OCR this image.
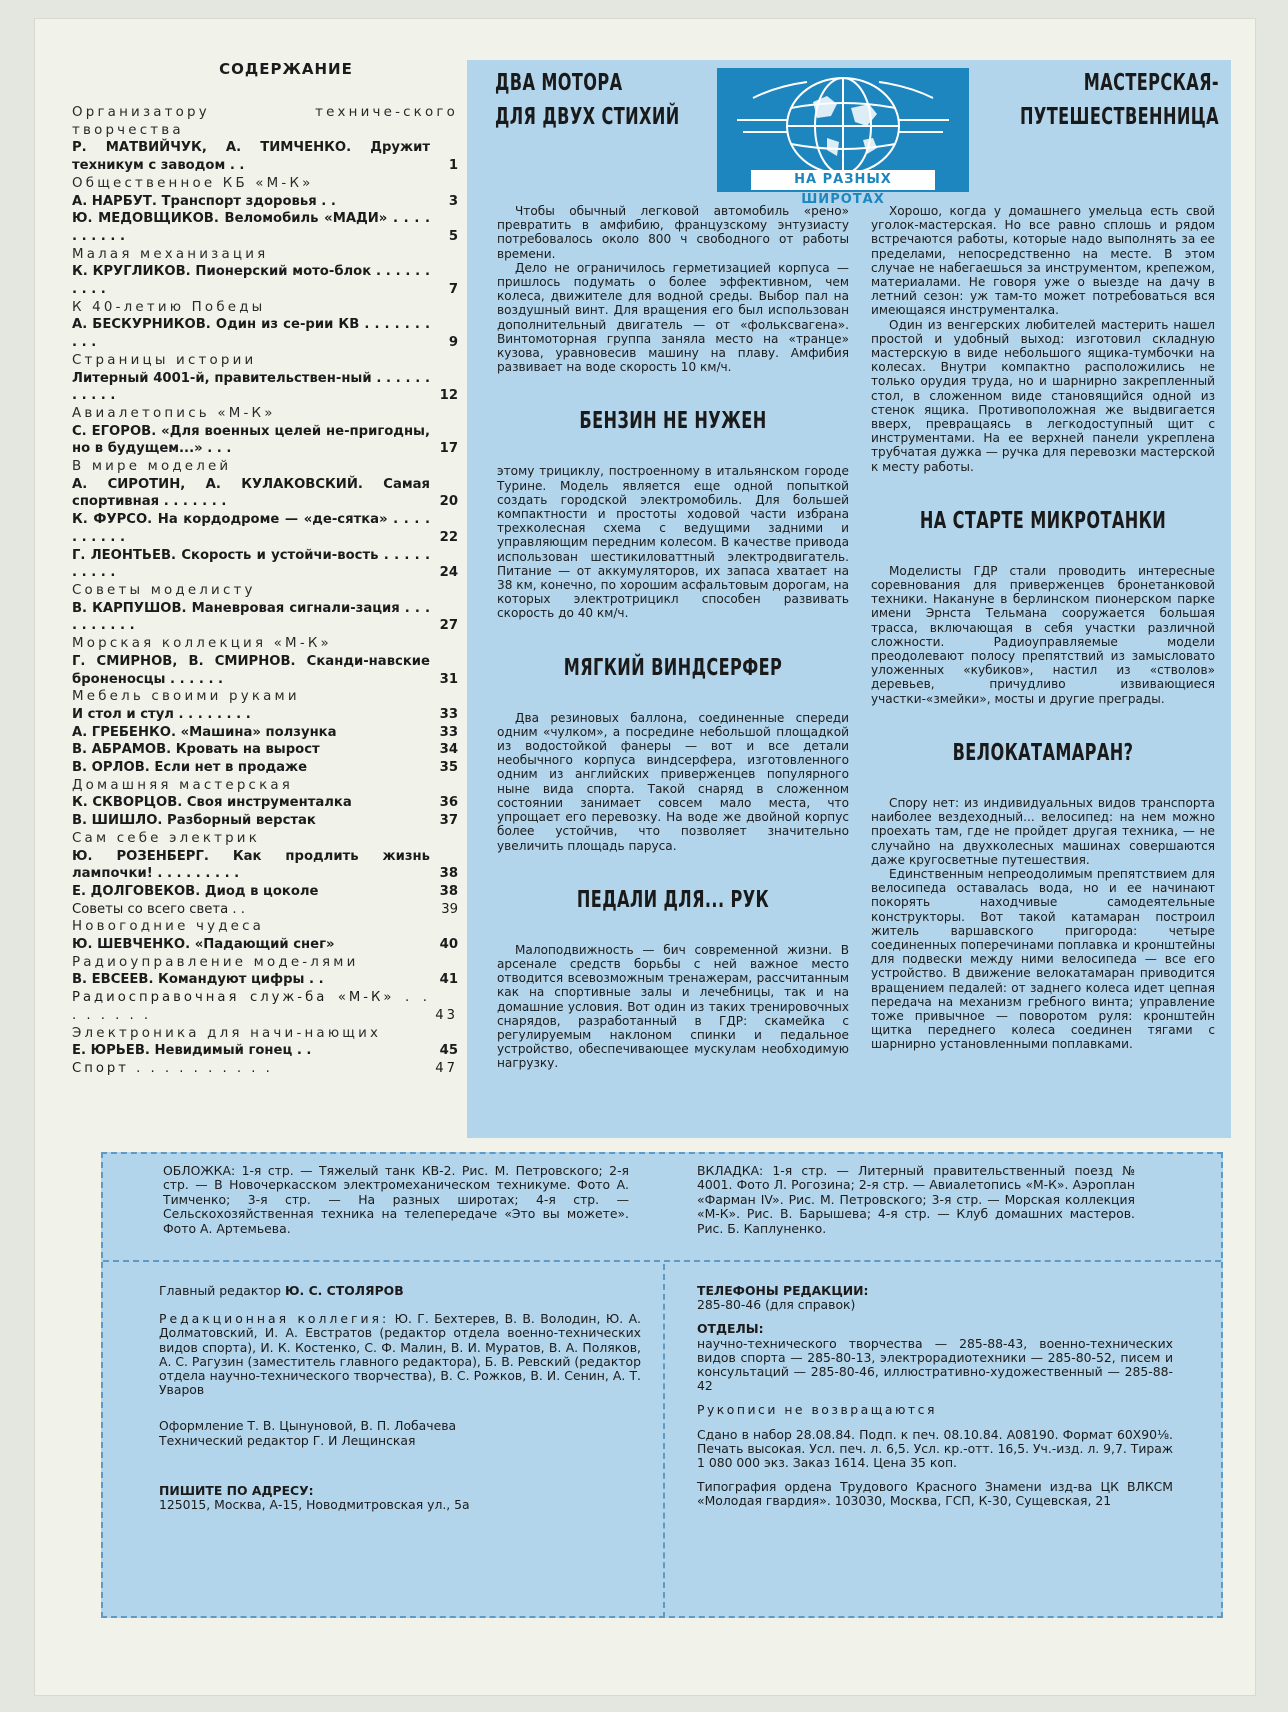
СОДЕРЖАНИЕ
Организатору техниче-ского творчества
Р. МАТВИЙЧУК, А. ТИМЧЕНКО. Дружит техникум с заводом . .	1
Общественное КБ «М-К»
А. НАРБУТ. Транспорт здоровья . .	3
Ю. МЕДОВЩИКОВ. Веломобиль «МАДИ» . . . . . . . . . .	5
Малая механизация
К. КРУГЛИКОВ. Пионерский мото-блок . . . . . . . . . .	7
К 40-летию Победы
А. БЕСКУРНИКОВ. Один из се-рии КВ . . . . . . . . . .	9
Страницы истории
Литерный 4001-й, правительствен-ный . . . . . . . . . . .	12
Авиалетопись «М-К»
С. ЕГОРОВ. «Для военных целей не-пригодны, но в будущем...» . . .	17
В мире моделей
А. СИРОТИН, А. КУЛАКОВСКИЙ. Самая спортивная . . . . . . .	20
К. ФУРСО. На кордодроме — «де-сятка» . . . . . . . . . .	22
Г. ЛЕОНТЬЕВ. Скорость и устойчи-вость . . . . . . . . . .	24
Советы моделисту
В. КАРПУШОВ. Маневровая сигнали-зация . . . . . . . . . .	27
Морская коллекция «М-К»
Г. СМИРНОВ, В. СМИРНОВ. Сканди-навские броненосцы . . . . . .	31
Мебель своими руками
И стол и стул . . . . . . . .	33
А. ГРЕБЕНКО. «Машина» ползунка	33
В. АБРАМОВ. Кровать на вырост	34
В. ОРЛОВ. Если нет в продаже	35
Домашняя мастерская
К. СКВОРЦОВ. Своя инструменталка	36
В. ШИШЛО. Разборный верстак	37
Сам себе электрик
Ю. РОЗЕНБЕРГ. Как продлить жизнь лампочки! . . . . . . . . .	38
Е. ДОЛГОВЕКОВ. Диод в цоколе	38
Советы со всего света . .	39
Новогодние чудеса
Ю. ШЕВЧЕНКО. «Падающий снег»	40
Радиоуправление моде-лями
В. ЕВСЕЕВ. Командуют цифры . .	41
Радиосправочная служ-ба «М-К» . . . . . . . .	43
Электроника для начи-нающих
Е. ЮРЬЕВ. Невидимый гонец . .	45
Спорт . . . . . . . . . .	47
ДВА МОТОРА
ДЛЯ ДВУХ СТИХИЙ
МАСТЕРСКАЯ-
ПУТЕШЕСТВЕННИЦА
НА РАЗНЫХ ШИРОТАХ

Чтобы обычный легковой автомобиль «рено» превратить в амфибию, французскому энтузиасту потребовалось около 800 ч свободного от работы времени.

Дело не ограничилось герметизацией корпуса — пришлось подумать о более эффективном, чем колеса, движителе для водной среды. Выбор пал на воздушный винт. Для вращения его был использован дополнительный двигатель — от «фольксвагена». Винтомоторная группа заняла место на «транце» кузова, уравновесив машину на плаву. Амфибия развивает на воде скорость 10 км/ч.

БЕНЗИН НЕ НУЖЕН

этому трициклу, построенному в итальянском городе Турине. Модель является еще одной попыткой создать городской электромобиль. Для большей компактности и простоты ходовой части избрана трехколесная схема с ведущими задними и управляющим передним колесом. В качестве привода использован шестикиловаттный электродвигатель. Питание — от аккумуляторов, их запаса хватает на 38 км, конечно, по хорошим асфальтовым дорогам, на которых электротрицикл способен развивать скорость до 40 км/ч.

МЯГКИЙ ВИНДСЕРФЕР

Два резиновых баллона, соединенные спереди одним «чулком», а посредине небольшой площадкой из водостойкой фанеры — вот и все детали необычного корпуса виндсерфера, изготовленного одним из английских приверженцев популярного ныне вида спорта. Такой снаряд в сложенном состоянии занимает совсем мало места, что упрощает его перевозку. На воде же двойной корпус более устойчив, что позволяет значительно увеличить площадь паруса.

ПЕДАЛИ ДЛЯ... РУК

Малоподвижность — бич современной жизни. В арсенале средств борьбы с ней важное место отводится всевозможным тренажерам, рассчитанным как на спортивные залы и лечебницы, так и на домашние условия. Вот один из таких тренировочных снарядов, разработанный в ГДР: скамейка с регулируемым наклоном спинки и педальное устройство, обеспечивающее мускулам необходимую нагрузку.

Хорошо, когда у домашнего умельца есть свой уголок-мастерская. Но все равно сплошь и рядом встречаются работы, которые надо выполнять за ее пределами, непосредственно на месте. В этом случае не набегаешься за инструментом, крепежом, материалами. Не говоря уже о выезде на дачу в летний сезон: уж там-то может потребоваться вся имеющаяся инструменталка.

Один из венгерских любителей мастерить нашел простой и удобный выход: изготовил складную мастерскую в виде небольшого ящика-тумбочки на колесах. Внутри компактно расположились не только орудия труда, но и шарнирно закрепленный стол, в сложенном виде становящийся одной из стенок ящика. Противоположная же выдвигается вверх, превращаясь в легкодоступный щит с инструментами. На ее верхней панели укреплена трубчатая дужка — ручка для перевозки мастерской к месту работы.

НА СТАРТЕ МИКРОТАНКИ

Моделисты ГДР стали проводить интересные соревнования для приверженцев бронетанковой техники. Накануне в берлинском пионерском парке имени Эрнста Тельмана сооружается большая трасса, включающая в себя участки различной сложности. Радиоуправляемые модели преодолевают полосу препятствий из замысловато уложенных «кубиков», настил из «стволов» деревьев, причудливо извивающиеся участки-«змейки», мосты и другие преграды.

ВЕЛОКАТАМАРАН?

Спору нет: из индивидуальных видов транспорта наиболее вездеходный... велосипед: на нем можно проехать там, где не пройдет другая техника, — не случайно на двухколесных машинах совершаются даже кругосветные путешествия.

Единственным непреодолимым препятствием для велосипеда оставалась вода, но и ее начинают покорять находчивые самодеятельные конструкторы. Вот такой катамаран построил житель варшавского пригорода: четыре соединенных поперечинами поплавка и кронштейны для подвески между ними велосипеда — все его устройство. В движение велокатамаран приводится вращением педалей: от заднего колеса идет цепная передача на механизм гребного винта; управление тоже привычное — поворотом руля: кронштейн щитка переднего колеса соединен тягами с шарнирно установленными поплавками.

ОБЛОЖКА: 1-я стр. — Тяжелый танк КВ-2. Рис. М. Петровского; 2-я стр. — В Новочеркасском электромеханическом техникуме. Фото А. Тимченко; 3-я стр. — На разных широтах; 4-я стр. — Сельскохозяйственная техника на телепередаче «Это вы можете». Фото А. Артемьева.
ВКЛАДКА: 1-я стр. — Литерный правительственный поезд № 4001. Фото Л. Рогозина; 2-я стр. — Авиалетопись «М-К». Аэроплан «Фарман IV». Рис. М. Петровского; 3-я стр. — Морская коллекция «М-К». Рис. В. Барышева; 4-я стр. — Клуб домашних мастеров. Рис. Б. Каплуненко.

Главный редактор Ю. С. СТОЛЯРОВ

Редакционная коллегия: Ю. Г. Бехтерев, В. В. Володин, Ю. А. Долматовский, И. А. Евстратов (редактор отдела военно-технических видов спорта), И. К. Костенко, С. Ф. Малин, В. И. Муратов, В. А. Поляков, А. С. Рагузин (заместитель главного редактора), Б. В. Ревский (редактор отдела научно-технического творчества), В. С. Рожков, В. И. Сенин, А. Т. Уваров

Оформление Т. В. Цынуновой, В. П. Лобачева
Технический редактор Г. И Лещинская

ПИШИТЕ ПО АДРЕСУ:
125015, Москва, А-15, Новодмитровская ул., 5а

ТЕЛЕФОНЫ РЕДАКЦИИ:

285-80-46 (для справок)

ОТДЕЛЫ:

научно-технического творчества — 285-88-43, военно-технических видов спорта — 285-80-13, электрорадиотехники — 285-80-52, писем и консультаций — 285-80-46, иллюстративно-художественный — 285-88-42

Рукописи не возвращаются

Сдано в набор 28.08.84. Подп. к печ. 08.10.84. А08190. Формат 60Х90⅛. Печать высокая. Усл. печ. л. 6,5. Усл. кр.-отт. 16,5. Уч.-изд. л. 9,7. Тираж 1 080 000 экз. Заказ 1614. Цена 35 коп.

Типография ордена Трудового Красного Знамени изд-ва ЦК ВЛКСМ «Молодая гвардия». 103030, Москва, ГСП, К-30, Сущевская, 21
